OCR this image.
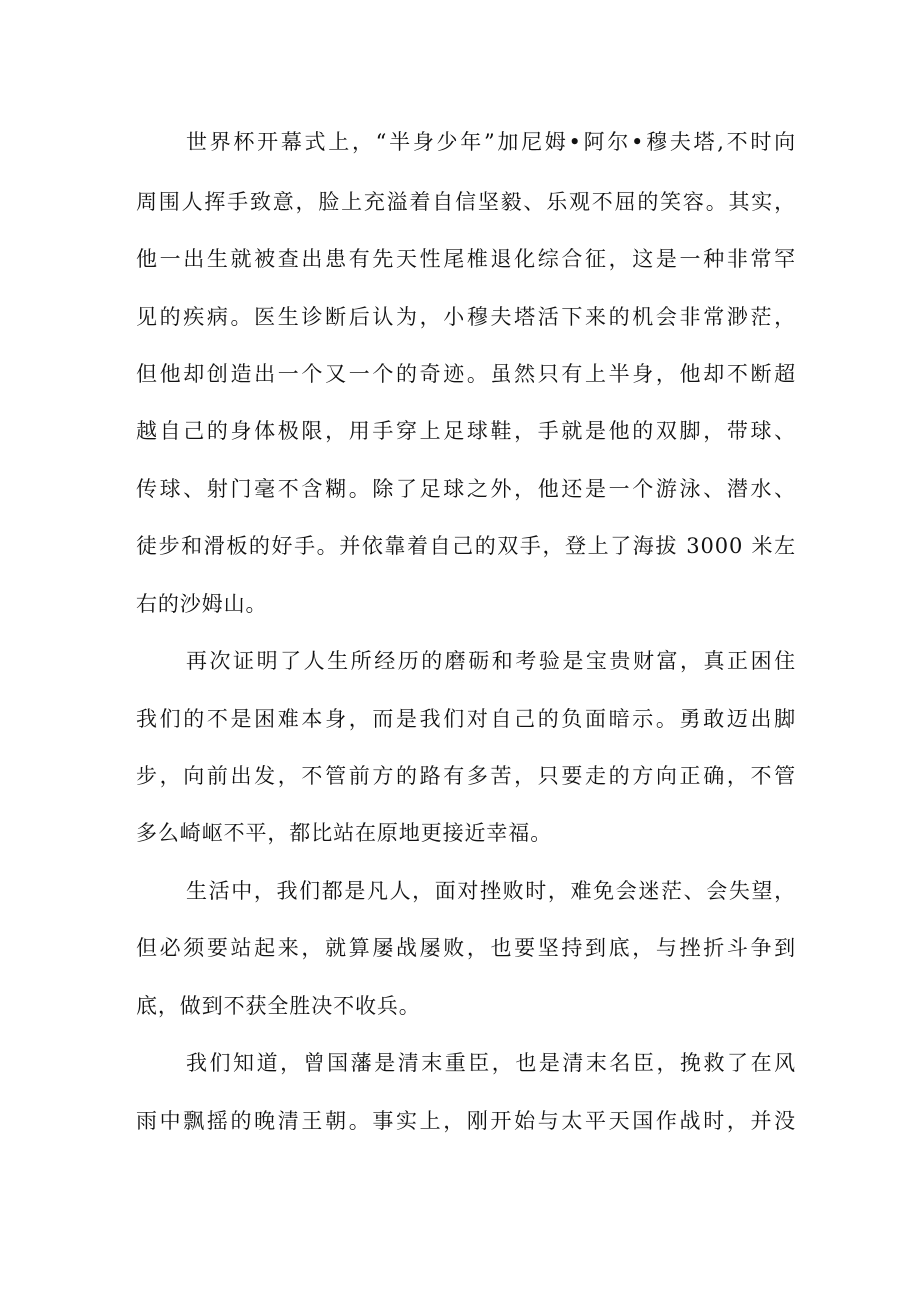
世界杯开幕式上，“半身少年”加尼姆•阿尔•穆夫塔,不时向
周围人挥手致意，脸上充溢着自信坚毅、乐观不屈的笑容。其实，
他一出生就被查出患有先天性尾椎退化综合征，这是一种非常罕
见的疾病。医生诊断后认为，小穆夫塔活下来的机会非常渺茫，
但他却创造出一个又一个的奇迹。虽然只有上半身，他却不断超
越自己的身体极限，用手穿上足球鞋，手就是他的双脚，带球、
传球、射门毫不含糊。除了足球之外，他还是一个游泳、潜水、
徒步和滑板的好手。并依靠着自己的双手，登上了海拔 3000 米左
右的沙姆山。
再次证明了人生所经历的磨砺和考验是宝贵财富，真正困住
我们的不是困难本身，而是我们对自己的负面暗示。勇敢迈出脚
步，向前出发，不管前方的路有多苦，只要走的方向正确，不管
多么崎岖不平，都比站在原地更接近幸福。
生活中，我们都是凡人，面对挫败时，难免会迷茫、会失望，
但必须要站起来，就算屡战屡败，也要坚持到底，与挫折斗争到
底，做到不获全胜决不收兵。
我们知道，曾国藩是清末重臣，也是清末名臣，挽救了在风
雨中飘摇的晚清王朝。事实上，刚开始与太平天国作战时，并没
